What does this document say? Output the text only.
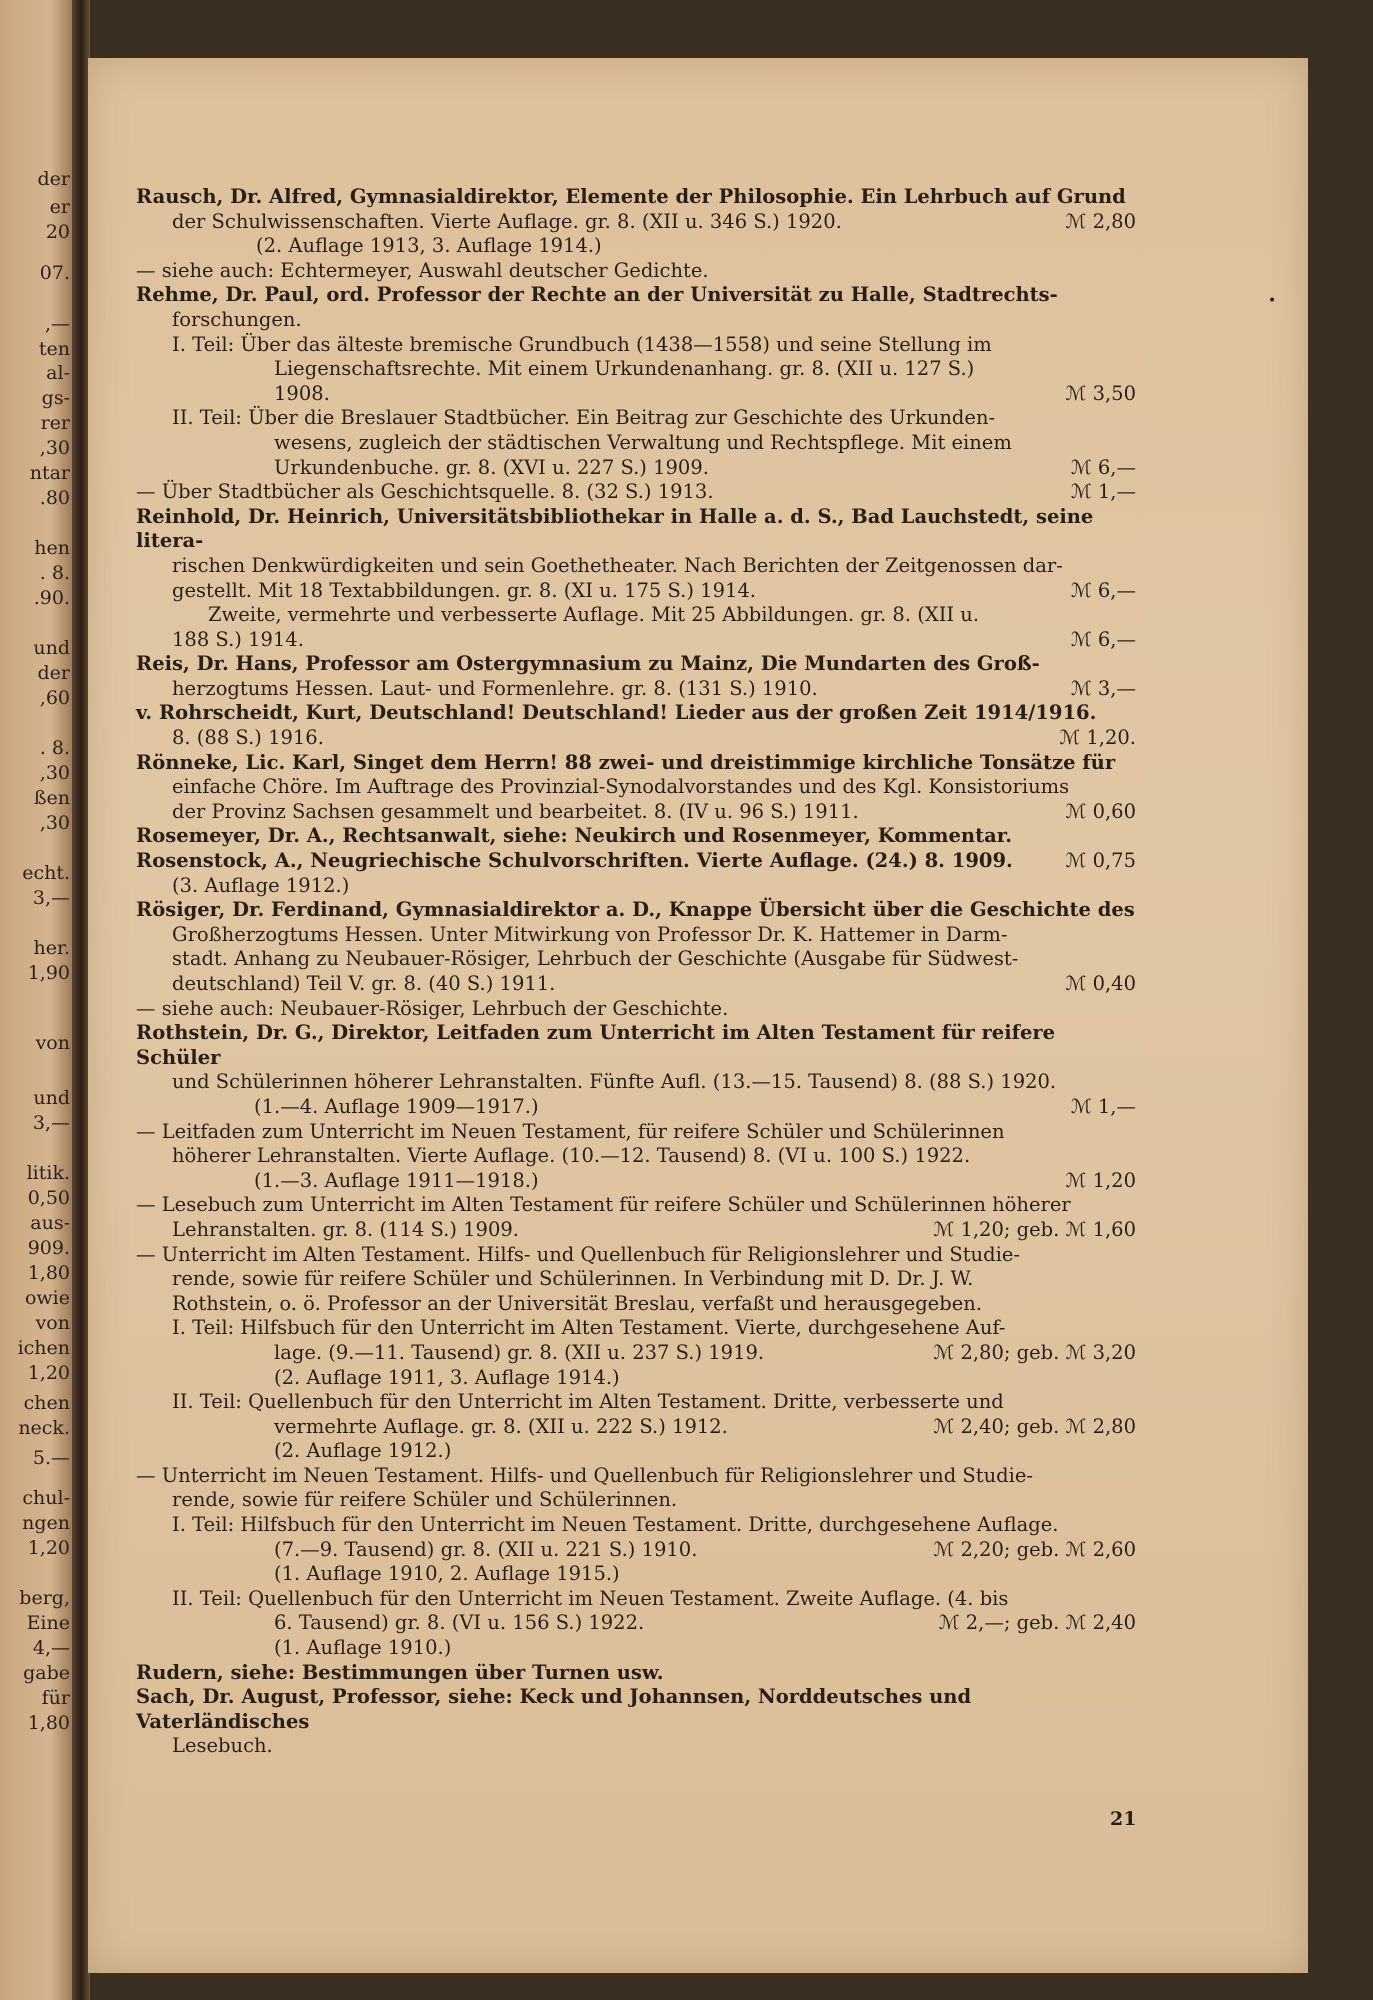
der
er
20
07.
,—
ten
al-
gs-
rer
,30
ntar
.80
hen
. 8.
.90.
und
der
,60
. 8.
,30
ßen
,30
echt.
3,—
her.
1,90
von
und
3,—
litik.
0,50
aus-
909.
1,80
owie
von
ichen
1,20
chen
neck.
5.—
chul-
ngen
1,20
berg,
Eine
4,—
gabe
für
1,80
•
Rausch, Dr. Alfred, Gymnasialdirektor, Elemente der Philosophie. Ein Lehrbuch auf Grund
der Schulwissenschaften. Vierte Auflage. gr. 8. (XII u. 346 S.) 1920.	ℳ 2,80
(2. Auflage 1913, 3. Auflage 1914.)
— siehe auch: Echtermeyer, Auswahl deutscher Gedichte.
Rehme, Dr. Paul, ord. Professor der Rechte an der Universität zu Halle, Stadtrechts-
forschungen.
I. Teil: Über das älteste bremische Grundbuch (1438—1558) und seine Stellung im
Liegenschaftsrechte. Mit einem Urkundenanhang. gr. 8. (XII u. 127 S.)
1908.	ℳ 3,50
II. Teil: Über die Breslauer Stadtbücher. Ein Beitrag zur Geschichte des Urkunden-
wesens, zugleich der städtischen Verwaltung und Rechtspflege. Mit einem
Urkundenbuche. gr. 8. (XVI u. 227 S.) 1909.	ℳ 6,—
— Über Stadtbücher als Geschichtsquelle. 8. (32 S.) 1913.	ℳ 1,—
Reinhold, Dr. Heinrich, Universitätsbibliothekar in Halle a. d. S., Bad Lauchstedt, seine litera-
rischen Denkwürdigkeiten und sein Goethetheater. Nach Berichten der Zeitgenossen dar-
gestellt. Mit 18 Textabbildungen. gr. 8. (XI u. 175 S.) 1914.	ℳ 6,—
Zweite, vermehrte und verbesserte Auflage. Mit 25 Abbildungen. gr. 8. (XII u.
188 S.) 1914.	ℳ 6,—
Reis, Dr. Hans, Professor am Ostergymnasium zu Mainz, Die Mundarten des Groß-
herzogtums Hessen. Laut- und Formenlehre. gr. 8. (131 S.) 1910.	ℳ 3,—
v. Rohrscheidt, Kurt, Deutschland! Deutschland! Lieder aus der großen Zeit 1914/1916.
8. (88 S.) 1916.	ℳ 1,20.
Rönneke, Lic. Karl, Singet dem Herrn! 88 zwei- und dreistimmige kirchliche Tonsätze für
einfache Chöre. Im Auftrage des Provinzial-Synodalvorstandes und des Kgl. Konsistoriums
der Provinz Sachsen gesammelt und bearbeitet. 8. (IV u. 96 S.) 1911.	ℳ 0,60
Rosemeyer, Dr. A., Rechtsanwalt, siehe: Neukirch und Rosenmeyer, Kommentar.
Rosenstock, A., Neugriechische Schulvorschriften. Vierte Auflage. (24.) 8. 1909.	ℳ 0,75
(3. Auflage 1912.)
Rösiger, Dr. Ferdinand, Gymnasialdirektor a. D., Knappe Übersicht über die Geschichte des
Großherzogtums Hessen. Unter Mitwirkung von Professor Dr. K. Hattemer in Darm-
stadt. Anhang zu Neubauer-Rösiger, Lehrbuch der Geschichte (Ausgabe für Südwest-
deutschland) Teil V. gr. 8. (40 S.) 1911.	ℳ 0,40
— siehe auch: Neubauer-Rösiger, Lehrbuch der Geschichte.
Rothstein, Dr. G., Direktor, Leitfaden zum Unterricht im Alten Testament für reifere Schüler
und Schülerinnen höherer Lehranstalten. Fünfte Aufl. (13.—15. Tausend) 8. (88 S.) 1920.
(1.—4. Auflage 1909—1917.)	ℳ 1,—
— Leitfaden zum Unterricht im Neuen Testament, für reifere Schüler und Schülerinnen
höherer Lehranstalten. Vierte Auflage. (10.—12. Tausend) 8. (VI u. 100 S.) 1922.
(1.—3. Auflage 1911—1918.)	ℳ 1,20
— Lesebuch zum Unterricht im Alten Testament für reifere Schüler und Schülerinnen höherer
Lehranstalten. gr. 8. (114 S.) 1909.	ℳ 1,20; geb. ℳ 1,60
— Unterricht im Alten Testament. Hilfs- und Quellenbuch für Religionslehrer und Studie-
rende, sowie für reifere Schüler und Schülerinnen. In Verbindung mit D. Dr. J. W.
Rothstein, o. ö. Professor an der Universität Breslau, verfaßt und herausgegeben.
I. Teil: Hilfsbuch für den Unterricht im Alten Testament. Vierte, durchgesehene Auf-
lage. (9.—11. Tausend) gr. 8. (XII u. 237 S.) 1919.	ℳ 2,80; geb. ℳ 3,20
(2. Auflage 1911, 3. Auflage 1914.)
II. Teil: Quellenbuch für den Unterricht im Alten Testament. Dritte, verbesserte und
vermehrte Auflage. gr. 8. (XII u. 222 S.) 1912.	ℳ 2,40; geb. ℳ 2,80
(2. Auflage 1912.)
— Unterricht im Neuen Testament. Hilfs- und Quellenbuch für Religionslehrer und Studie-
rende, sowie für reifere Schüler und Schülerinnen.
I. Teil: Hilfsbuch für den Unterricht im Neuen Testament. Dritte, durchgesehene Auflage.
(7.—9. Tausend) gr. 8. (XII u. 221 S.) 1910.	ℳ 2,20; geb. ℳ 2,60
(1. Auflage 1910, 2. Auflage 1915.)
II. Teil: Quellenbuch für den Unterricht im Neuen Testament. Zweite Auflage. (4. bis
6. Tausend) gr. 8. (VI u. 156 S.) 1922.	ℳ 2,—; geb. ℳ 2,40
(1. Auflage 1910.)
Rudern, siehe: Bestimmungen über Turnen usw.
Sach, Dr. August, Professor, siehe: Keck und Johannsen, Norddeutsches und Vaterländisches
Lesebuch.
21
